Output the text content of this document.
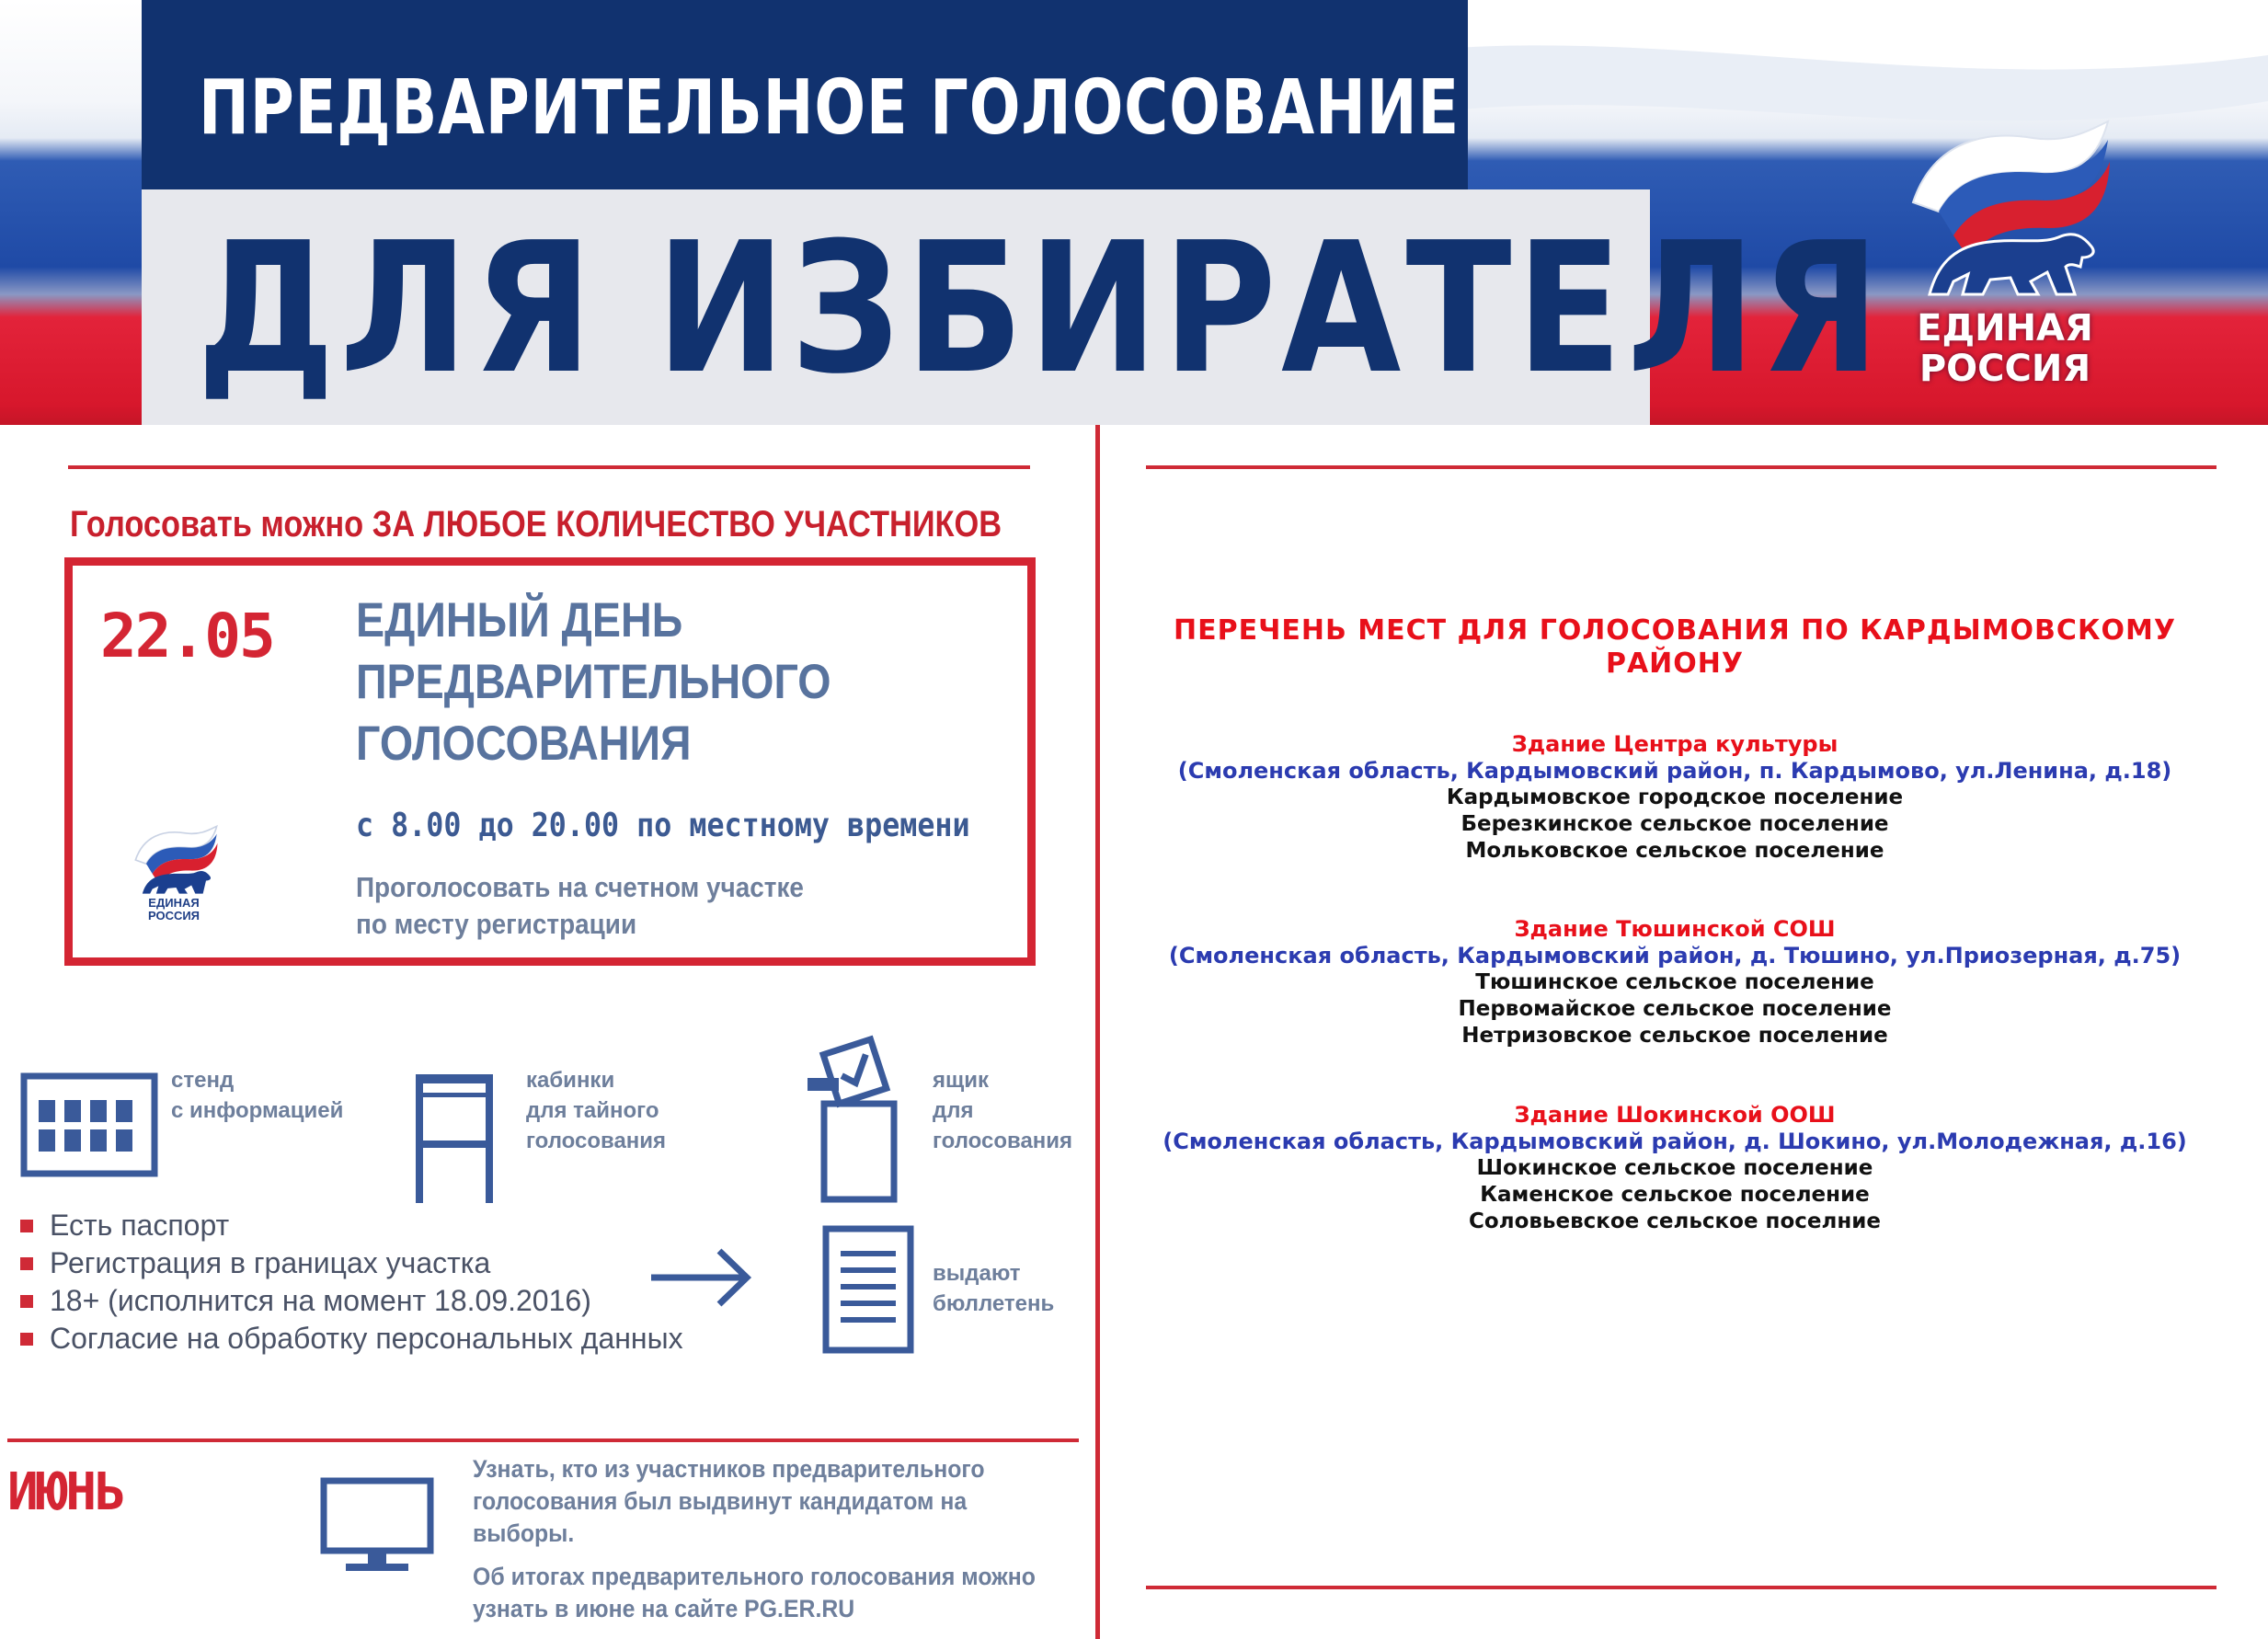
ПРЕДВАРИТЕЛЬНОЕ ГОЛОСОВАНИЕ
ДЛЯ ИЗБИРАТЕЛЯ ЕДИНАЯ
РОССИЯ
Голосовать можно ЗА ЛЮБОЕ КОЛИЧЕСТВО УЧАСТНИКОВ
22.05 ЕДИНЫЙ ДЕНЬ
ПРЕДВАРИТЕЛЬНОГО
ГОЛОСОВАНИЯ
с 8.00 до 20.00 по местному времени
Проголосовать на счетном участке
по месту регистрации
ЕДИНАЯ
РОССИЯ
стенд
с информацией
кабинки
для тайного
голосования
ящик
для
голосования
Есть паспорт
Регистрация в границах участка
18+ (исполнится на момент 18.09.2016)
Согласие на обработку персональных данных
выдают
бюллетень
ИЮНЬ	Узнать, кто из участников предварительного голосования был выдвинут кандидатом на выборы.

Об итогах предварительного голосования можно узнать в июне на сайте PG.ER.RU

ПЕРЕЧЕНЬ МЕСТ ДЛЯ ГОЛОСОВАНИЯ ПО КАРДЫМОВСКОМУ РАЙОНУ
Здание Центра культуры
(Смоленская область, Кардымовский район, п. Кардымово, ул.Ленина, д.18)
Кардымовское городское поселение
Березкинское сельское поселение
Мольковское сельское поселение
Здание Тюшинской СОШ
(Смоленская область, Кардымовский район, д. Тюшино, ул.Приозерная, д.75)
Тюшинское сельское поселение
Первомайское сельское поселение
Нетризовское сельское поселение
Здание Шокинской ООШ
(Смоленская область, Кардымовский район, д. Шокино, ул.Молодежная, д.16)
Шокинское сельское поселение
Каменское сельское поселение
Соловьевское сельское поселние
